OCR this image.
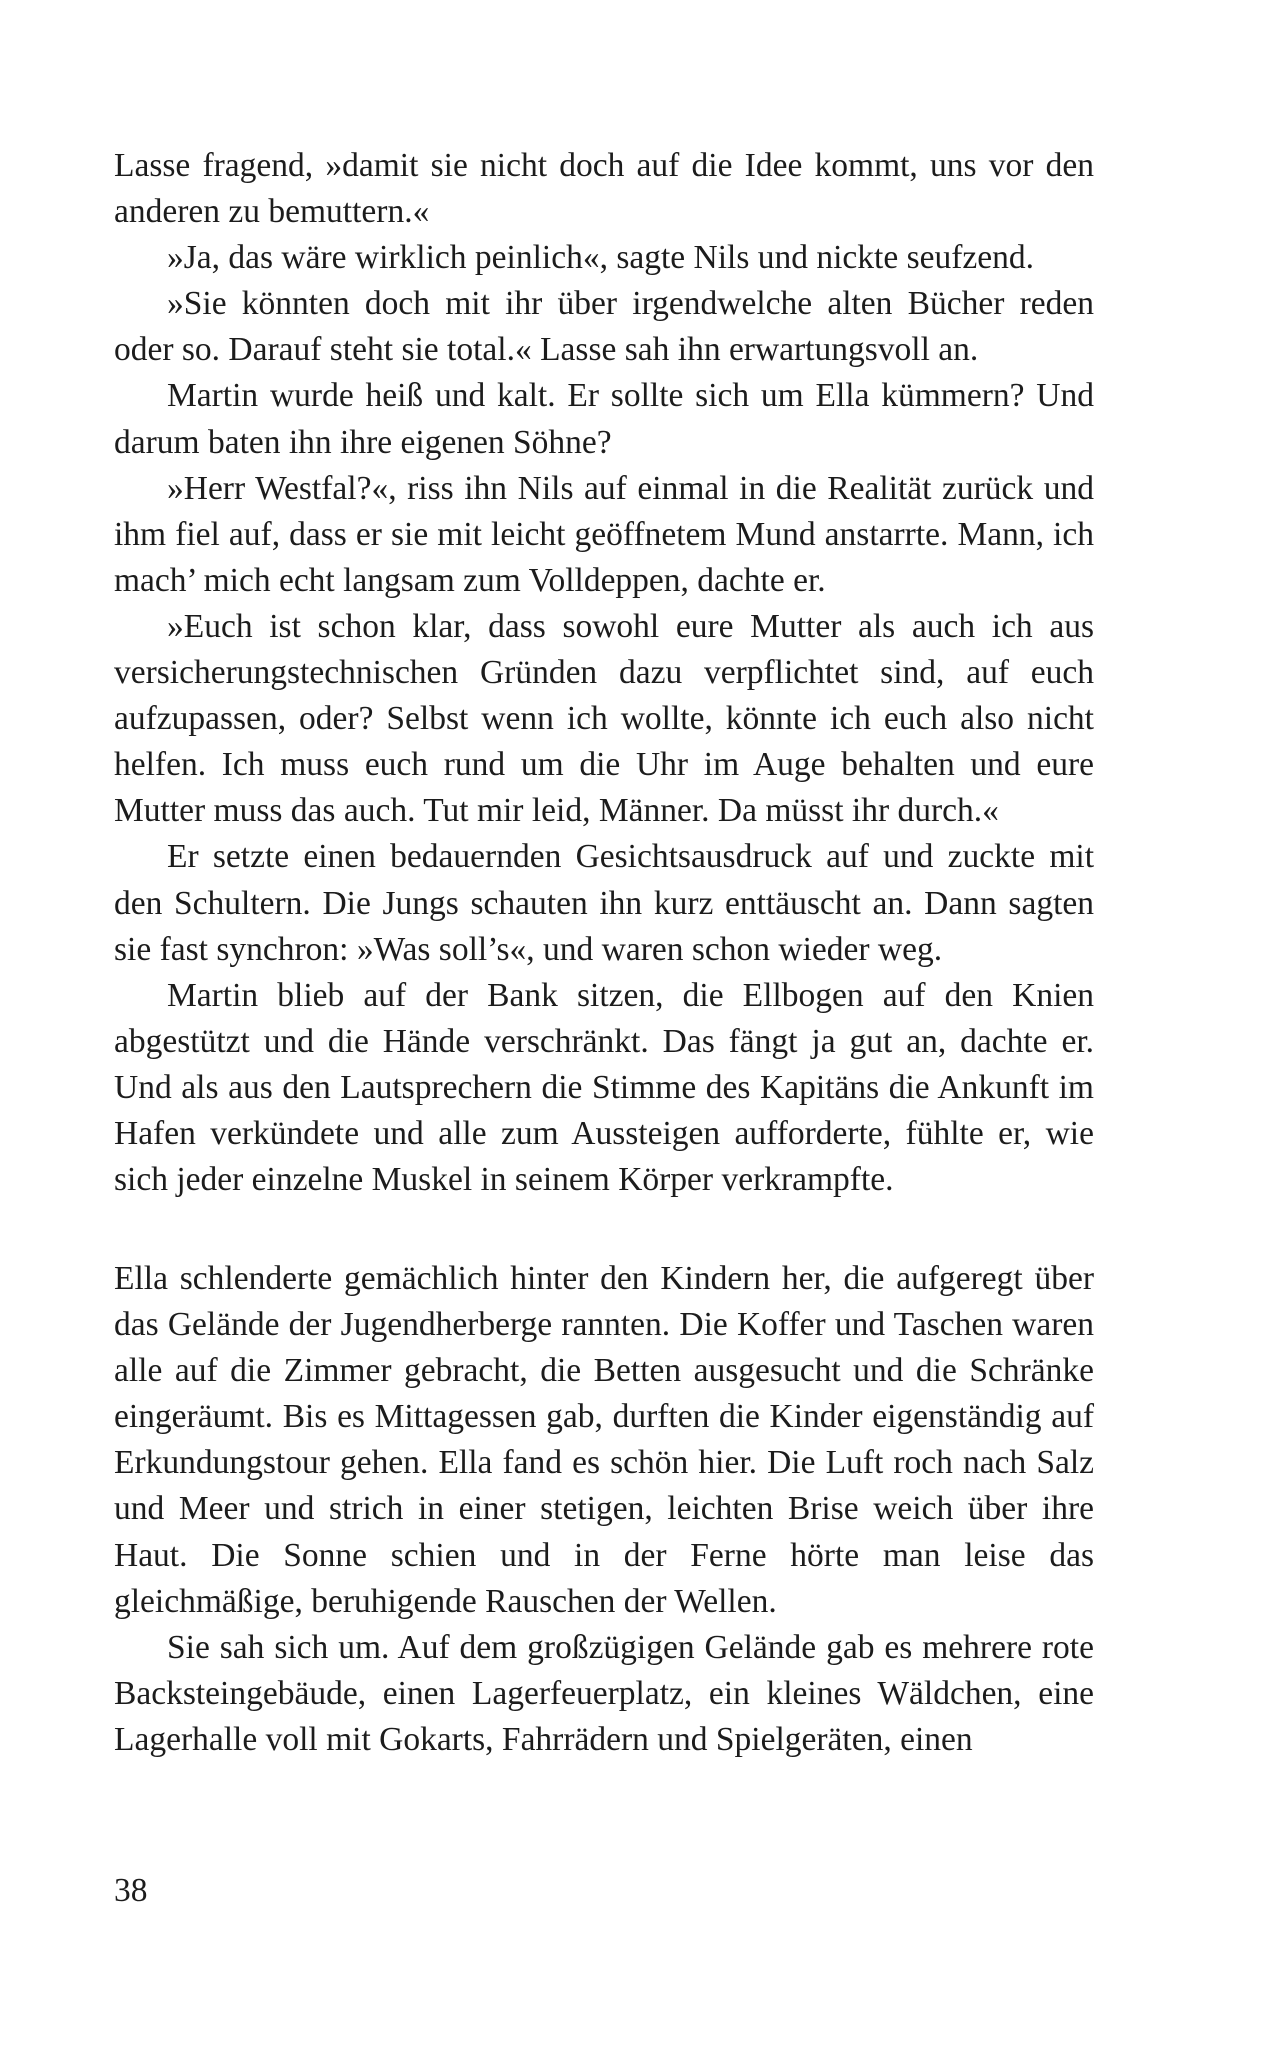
Lasse fragend, »damit sie nicht doch auf die Idee kommt, uns vor den anderen zu bemuttern.«

»Ja, das wäre wirklich peinlich«, sagte Nils und nickte seufzend.

»Sie könnten doch mit ihr über irgendwelche alten Bücher reden oder so. Darauf steht sie total.« Lasse sah ihn erwartungsvoll an.

Martin wurde heiß und kalt. Er sollte sich um Ella kümmern? Und darum baten ihn ihre eigenen Söhne?

»Herr Westfal?«, riss ihn Nils auf einmal in die Realität zurück und ihm fiel auf, dass er sie mit leicht geöffnetem Mund anstarrte. Mann, ich mach’ mich echt langsam zum Volldeppen, dachte er.

»Euch ist schon klar, dass sowohl eure Mutter als auch ich aus versicherungstechnischen Gründen dazu verpflichtet sind, auf euch aufzupassen, oder? Selbst wenn ich wollte, könnte ich euch also nicht helfen. Ich muss euch rund um die Uhr im Auge behalten und eure Mutter muss das auch. Tut mir leid, Männer. Da müsst ihr durch.«

Er setzte einen bedauernden Gesichtsausdruck auf und zuckte mit den Schultern. Die Jungs schauten ihn kurz enttäuscht an. Dann sagten sie fast synchron: »Was soll’s«, und waren schon wieder weg.

Martin blieb auf der Bank sitzen, die Ellbogen auf den Knien abgestützt und die Hände verschränkt. Das fängt ja gut an, dachte er. Und als aus den Lautsprechern die Stimme des Kapitäns die Ankunft im Hafen verkündete und alle zum Aussteigen aufforderte, fühlte er, wie sich jeder einzelne Muskel in seinem Körper verkrampfte.

Ella schlenderte gemächlich hinter den Kindern her, die aufgeregt über das Gelände der Jugendherberge rannten. Die Koffer und Taschen waren alle auf die Zimmer gebracht, die Betten ausgesucht und die Schränke eingeräumt. Bis es Mittagessen gab, durften die Kinder eigenständig auf Erkundungstour gehen. Ella fand es schön hier. Die Luft roch nach Salz und Meer und strich in einer stetigen, leichten Brise weich über ihre Haut. Die Sonne schien und in der Ferne hörte man leise das gleichmäßige, beruhigende Rauschen der Wellen.

Sie sah sich um. Auf dem großzügigen Gelände gab es mehrere rote Backsteingebäude, einen Lagerfeuerplatz, ein kleines Wäldchen, eine Lagerhalle voll mit Gokarts, Fahrrädern und Spielgeräten, einen

38
